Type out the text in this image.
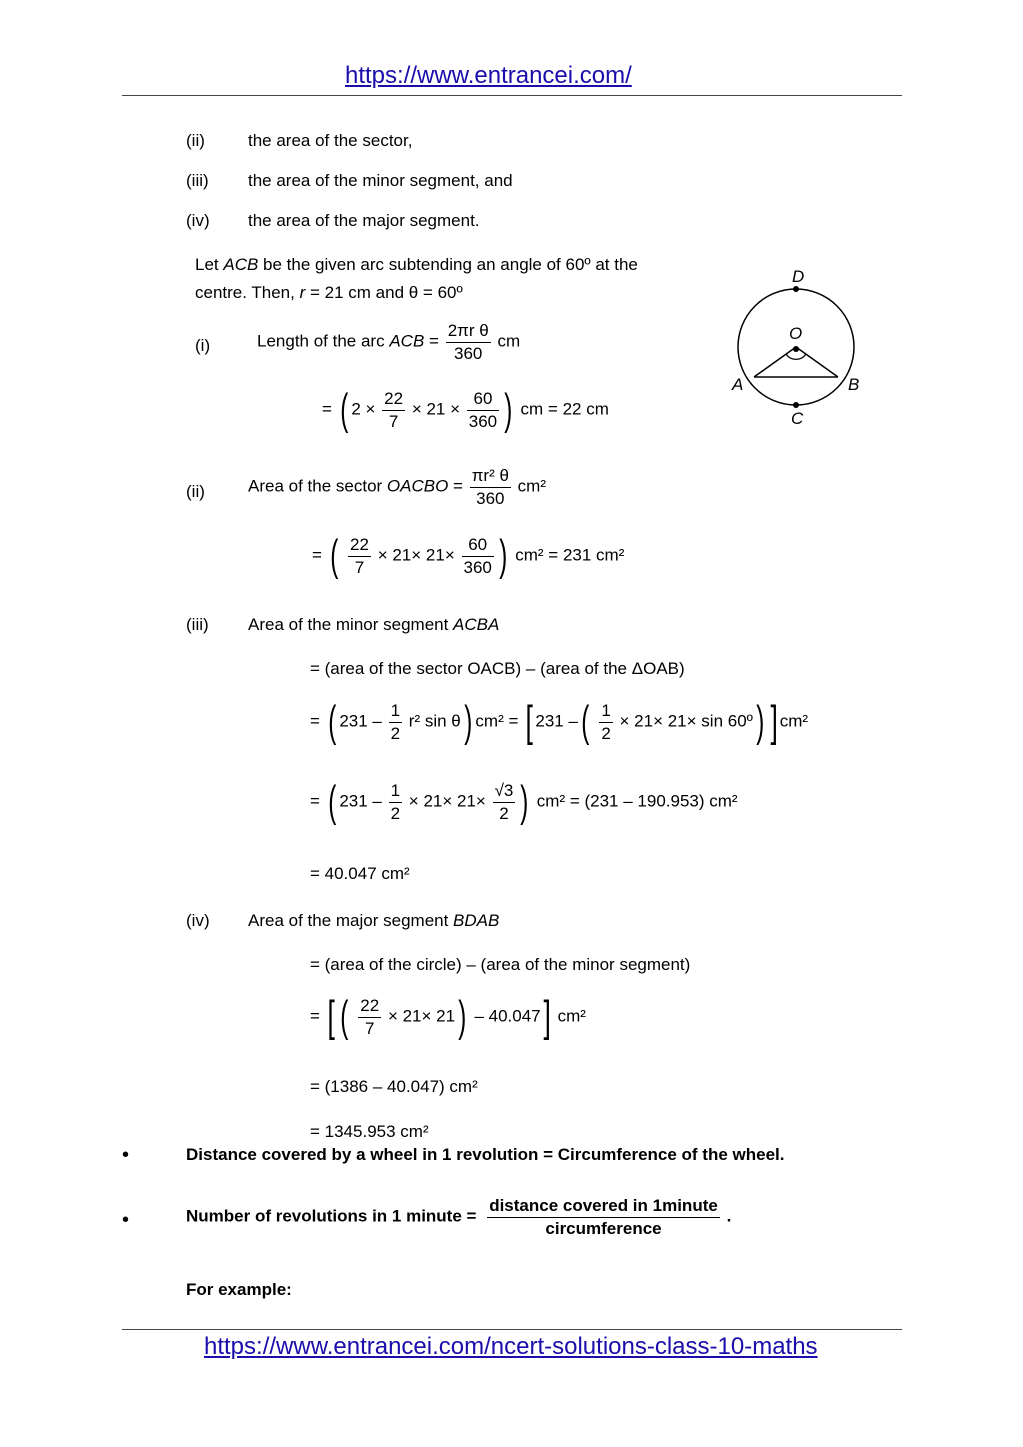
https://www.entrancei.com/
(ii)	the area of the sector,
(iii) the area of the minor segment, and
(iv) the area of the major segment.
Let ACB be the given arc subtending an angle of 60º at the
centre. Then, r = 21 cm and θ = 60º
D
O
A	B
C
(i)	Length of the arc ACB = $\frac{\text{2πr θ}}{360}$ cm
= ( $2 \times \frac{22}{7} \times 21 \times \frac{60}{360}$ ) cm = 22 cm
(ii)	Area of the sector OACBO = $\frac{\text{πr² θ}}{360} cm^2$
= ( $\frac{22}{7} \times 21\times 21\times \frac{60}{360}$ ) cm² = 231 cm²
(iii) Area of the minor segment ACBA
= (area of the sector OACB) – (area of the ΔOAB)
= ( $231 - \frac{1}{2} r^2$ sin θ) cm² = [ 231 –( $\frac{1}{2} \times 21\times 21\times \sin$ 60º) ] cm²
= ( $231 - \frac{1}{2} \times 21\times 21\times \frac{√3}{2}$ ) cm² = (231 – 190.953) cm²
= 40.047 cm²
(iv) Area of the major segment BDAB
= (area of the circle) – (area of the minor segment)
= [ ( $\frac{22}{7} \times 21\times 21) - 40.047$] cm²
= (1386 – 40.047) cm²
= 1345.953 cm²
•	Distance covered by a wheel in 1 revolution = Circumference of the wheel.
•	Number of revolutions in 1 minute = $\frac{\text{distance covered in 1minute}}{\text{circumference}}$ .
For example:
https://www.entrancei.com/ncert-solutions-class-10-maths
